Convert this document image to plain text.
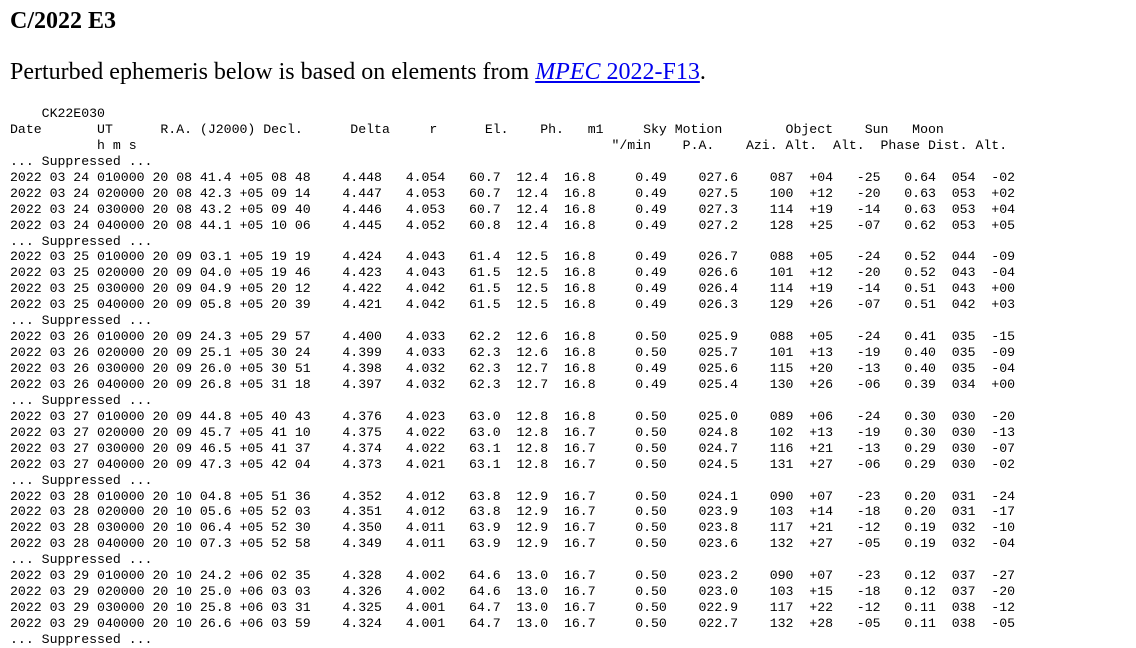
C/2022 E3

Perturbed ephemeris below is based on elements from MPEC 2022-F13.

CK22E030
Date       UT      R.A. (J2000) Decl.      Delta     r      El.    Ph.   m1     Sky Motion        Object    Sun   Moon
h m s                                                            "/min    P.A.    Azi. Alt.  Alt.  Phase Dist. Alt.
... Suppressed ...
2022 03 24 010000 20 08 41.4 +05 08 48    4.448   4.054   60.7  12.4  16.8     0.49    027.6    087  +04   -25   0.64  054  -02
2022 03 24 020000 20 08 42.3 +05 09 14    4.447   4.053   60.7  12.4  16.8     0.49    027.5    100  +12   -20   0.63  053  +02
2022 03 24 030000 20 08 43.2 +05 09 40    4.446   4.053   60.7  12.4  16.8     0.49    027.3    114  +19   -14   0.63  053  +04
2022 03 24 040000 20 08 44.1 +05 10 06    4.445   4.052   60.8  12.4  16.8     0.49    027.2    128  +25   -07   0.62  053  +05
... Suppressed ...
2022 03 25 010000 20 09 03.1 +05 19 19    4.424   4.043   61.4  12.5  16.8     0.49    026.7    088  +05   -24   0.52  044  -09
2022 03 25 020000 20 09 04.0 +05 19 46    4.423   4.043   61.5  12.5  16.8     0.49    026.6    101  +12   -20   0.52  043  -04
2022 03 25 030000 20 09 04.9 +05 20 12    4.422   4.042   61.5  12.5  16.8     0.49    026.4    114  +19   -14   0.51  043  +00
2022 03 25 040000 20 09 05.8 +05 20 39    4.421   4.042   61.5  12.5  16.8     0.49    026.3    129  +26   -07   0.51  042  +03
... Suppressed ...
2022 03 26 010000 20 09 24.3 +05 29 57    4.400   4.033   62.2  12.6  16.8     0.50    025.9    088  +05   -24   0.41  035  -15
2022 03 26 020000 20 09 25.1 +05 30 24    4.399   4.033   62.3  12.6  16.8     0.50    025.7    101  +13   -19   0.40  035  -09
2022 03 26 030000 20 09 26.0 +05 30 51    4.398   4.032   62.3  12.7  16.8     0.49    025.6    115  +20   -13   0.40  035  -04
2022 03 26 040000 20 09 26.8 +05 31 18    4.397   4.032   62.3  12.7  16.8     0.49    025.4    130  +26   -06   0.39  034  +00
... Suppressed ...
2022 03 27 010000 20 09 44.8 +05 40 43    4.376   4.023   63.0  12.8  16.8     0.50    025.0    089  +06   -24   0.30  030  -20
2022 03 27 020000 20 09 45.7 +05 41 10    4.375   4.022   63.0  12.8  16.7     0.50    024.8    102  +13   -19   0.30  030  -13
2022 03 27 030000 20 09 46.5 +05 41 37    4.374   4.022   63.1  12.8  16.7     0.50    024.7    116  +21   -13   0.29  030  -07
2022 03 27 040000 20 09 47.3 +05 42 04    4.373   4.021   63.1  12.8  16.7     0.50    024.5    131  +27   -06   0.29  030  -02
... Suppressed ...
2022 03 28 010000 20 10 04.8 +05 51 36    4.352   4.012   63.8  12.9  16.7     0.50    024.1    090  +07   -23   0.20  031  -24
2022 03 28 020000 20 10 05.6 +05 52 03    4.351   4.012   63.8  12.9  16.7     0.50    023.9    103  +14   -18   0.20  031  -17
2022 03 28 030000 20 10 06.4 +05 52 30    4.350   4.011   63.9  12.9  16.7     0.50    023.8    117  +21   -12   0.19  032  -10
2022 03 28 040000 20 10 07.3 +05 52 58    4.349   4.011   63.9  12.9  16.7     0.50    023.6    132  +27   -05   0.19  032  -04
... Suppressed ...
2022 03 29 010000 20 10 24.2 +06 02 35    4.328   4.002   64.6  13.0  16.7     0.50    023.2    090  +07   -23   0.12  037  -27
2022 03 29 020000 20 10 25.0 +06 03 03    4.326   4.002   64.6  13.0  16.7     0.50    023.0    103  +15   -18   0.12  037  -20
2022 03 29 030000 20 10 25.8 +06 03 31    4.325   4.001   64.7  13.0  16.7     0.50    022.9    117  +22   -12   0.11  038  -12
2022 03 29 040000 20 10 26.6 +06 03 59    4.324   4.001   64.7  13.0  16.7     0.50    022.7    132  +28   -05   0.11  038  -05
... Suppressed ...
